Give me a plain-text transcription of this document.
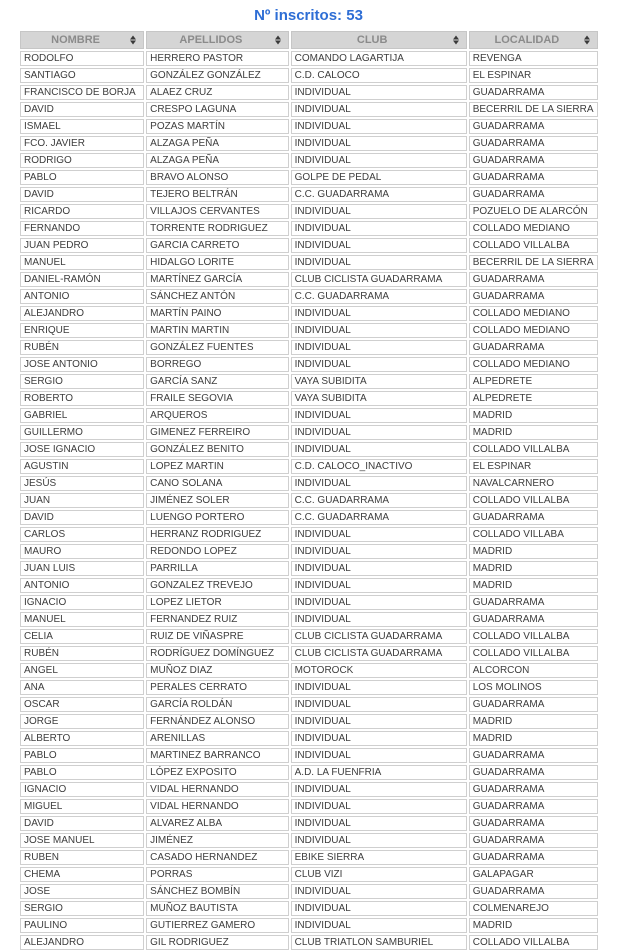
Nº inscritos: 53
NOMBRE	APELLIDOS	CLUB	LOCALIDAD

RODOLFO	HERRERO PASTOR	COMANDO LAGARTIJA	REVENGA
SANTIAGO	GONZÁLEZ GONZÁLEZ	C.D. CALOCO	EL ESPINAR
FRANCISCO DE BORJA	ALAEZ CRUZ	INDIVIDUAL	GUADARRAMA
DAVID	CRESPO LAGUNA	INDIVIDUAL	BECERRIL DE LA SIERRA
ISMAEL	POZAS MARTÍN	INDIVIDUAL	GUADARRAMA
FCO. JAVIER	ALZAGA PEÑA	INDIVIDUAL	GUADARRAMA
RODRIGO	ALZAGA PEÑA	INDIVIDUAL	GUADARRAMA
PABLO	BRAVO ALONSO	GOLPE DE PEDAL	GUADARRAMA
DAVID	TEJERO BELTRÁN	C.C. GUADARRAMA	GUADARRAMA
RICARDO	VILLAJOS CERVANTES	INDIVIDUAL	POZUELO DE ALARCÓN
FERNANDO	TORRENTE RODRIGUEZ	INDIVIDUAL	COLLADO MEDIANO
JUAN PEDRO	GARCIA CARRETO	INDIVIDUAL	COLLADO VILLALBA
MANUEL	HIDALGO LORITE	INDIVIDUAL	BECERRIL DE LA SIERRA
DANIEL-RAMÓN	MARTÍNEZ GARCÍA	CLUB CICLISTA GUADARRAMA	GUADARRAMA
ANTONIO	SÁNCHEZ ANTÓN	C.C. GUADARRAMA	GUADARRAMA
ALEJANDRO	MARTÍN PAINO	INDIVIDUAL	COLLADO MEDIANO
ENRIQUE	MARTIN MARTIN	INDIVIDUAL	COLLADO MEDIANO
RUBÉN	GONZÁLEZ FUENTES	INDIVIDUAL	GUADARRAMA
JOSE ANTONIO	BORREGO	INDIVIDUAL	COLLADO MEDIANO
SERGIO	GARCÍA SANZ	VAYA SUBIDITA	ALPEDRETE
ROBERTO	FRAILE SEGOVIA	VAYA SUBIDITA	ALPEDRETE
GABRIEL	ARQUEROS	INDIVIDUAL	MADRID
GUILLERMO	GIMENEZ FERREIRO	INDIVIDUAL	MADRID
JOSE IGNACIO	GONZÁLEZ BENITO	INDIVIDUAL	COLLADO VILLALBA
AGUSTIN	LOPEZ MARTIN	C.D. CALOCO_INACTIVO	EL ESPINAR
JESÚS	CANO SOLANA	INDIVIDUAL	NAVALCARNERO
JUAN	JIMÉNEZ SOLER	C.C. GUADARRAMA	COLLADO VILLALBA
DAVID	LUENGO PORTERO	C.C. GUADARRAMA	GUADARRAMA
CARLOS	HERRANZ RODRIGUEZ	INDIVIDUAL	COLLADO VILLABA
MAURO	REDONDO LOPEZ	INDIVIDUAL	MADRID
JUAN LUIS	PARRILLA	INDIVIDUAL	MADRID
ANTONIO	GONZALEZ TREVEJO	INDIVIDUAL	MADRID
IGNACIO	LOPEZ LIETOR	INDIVIDUAL	GUADARRAMA
MANUEL	FERNANDEZ RUIZ	INDIVIDUAL	GUADARRAMA
CELIA	RUIZ DE VIÑASPRE	CLUB CICLISTA GUADARRAMA	COLLADO VILLALBA
RUBÉN	RODRÍGUEZ DOMÍNGUEZ	CLUB CICLISTA GUADARRAMA	COLLADO VILLALBA
ANGEL	MUÑOZ DIAZ	MOTOROCK	ALCORCON
ANA	PERALES CERRATO	INDIVIDUAL	LOS MOLINOS
OSCAR	GARCÍA ROLDÁN	INDIVIDUAL	GUADARRAMA
JORGE	FERNÁNDEZ ALONSO	INDIVIDUAL	MADRID
ALBERTO	ARENILLAS	INDIVIDUAL	MADRID
PABLO	MARTINEZ BARRANCO	INDIVIDUAL	GUADARRAMA
PABLO	LÓPEZ EXPOSITO	A.D. LA FUENFRIA	GUADARRAMA
IGNACIO	VIDAL HERNANDO	INDIVIDUAL	GUADARRAMA
MIGUEL	VIDAL HERNANDO	INDIVIDUAL	GUADARRAMA
DAVID	ALVAREZ ALBA	INDIVIDUAL	GUADARRAMA
JOSE MANUEL	JIMÉNEZ	INDIVIDUAL	GUADARRAMA
RUBEN	CASADO HERNANDEZ	EBIKE SIERRA	GUADARRAMA
CHEMA	PORRAS	CLUB VIZI	GALAPAGAR
JOSE	SÁNCHEZ BOMBÍN	INDIVIDUAL	GUADARRAMA
SERGIO	MUÑOZ BAUTISTA	INDIVIDUAL	COLMENAREJO
PAULINO	GUTIERREZ GAMERO	INDIVIDUAL	MADRID
ALEJANDRO	GIL RODRIGUEZ	CLUB TRIATLON SAMBURIEL	COLLADO VILLALBA
